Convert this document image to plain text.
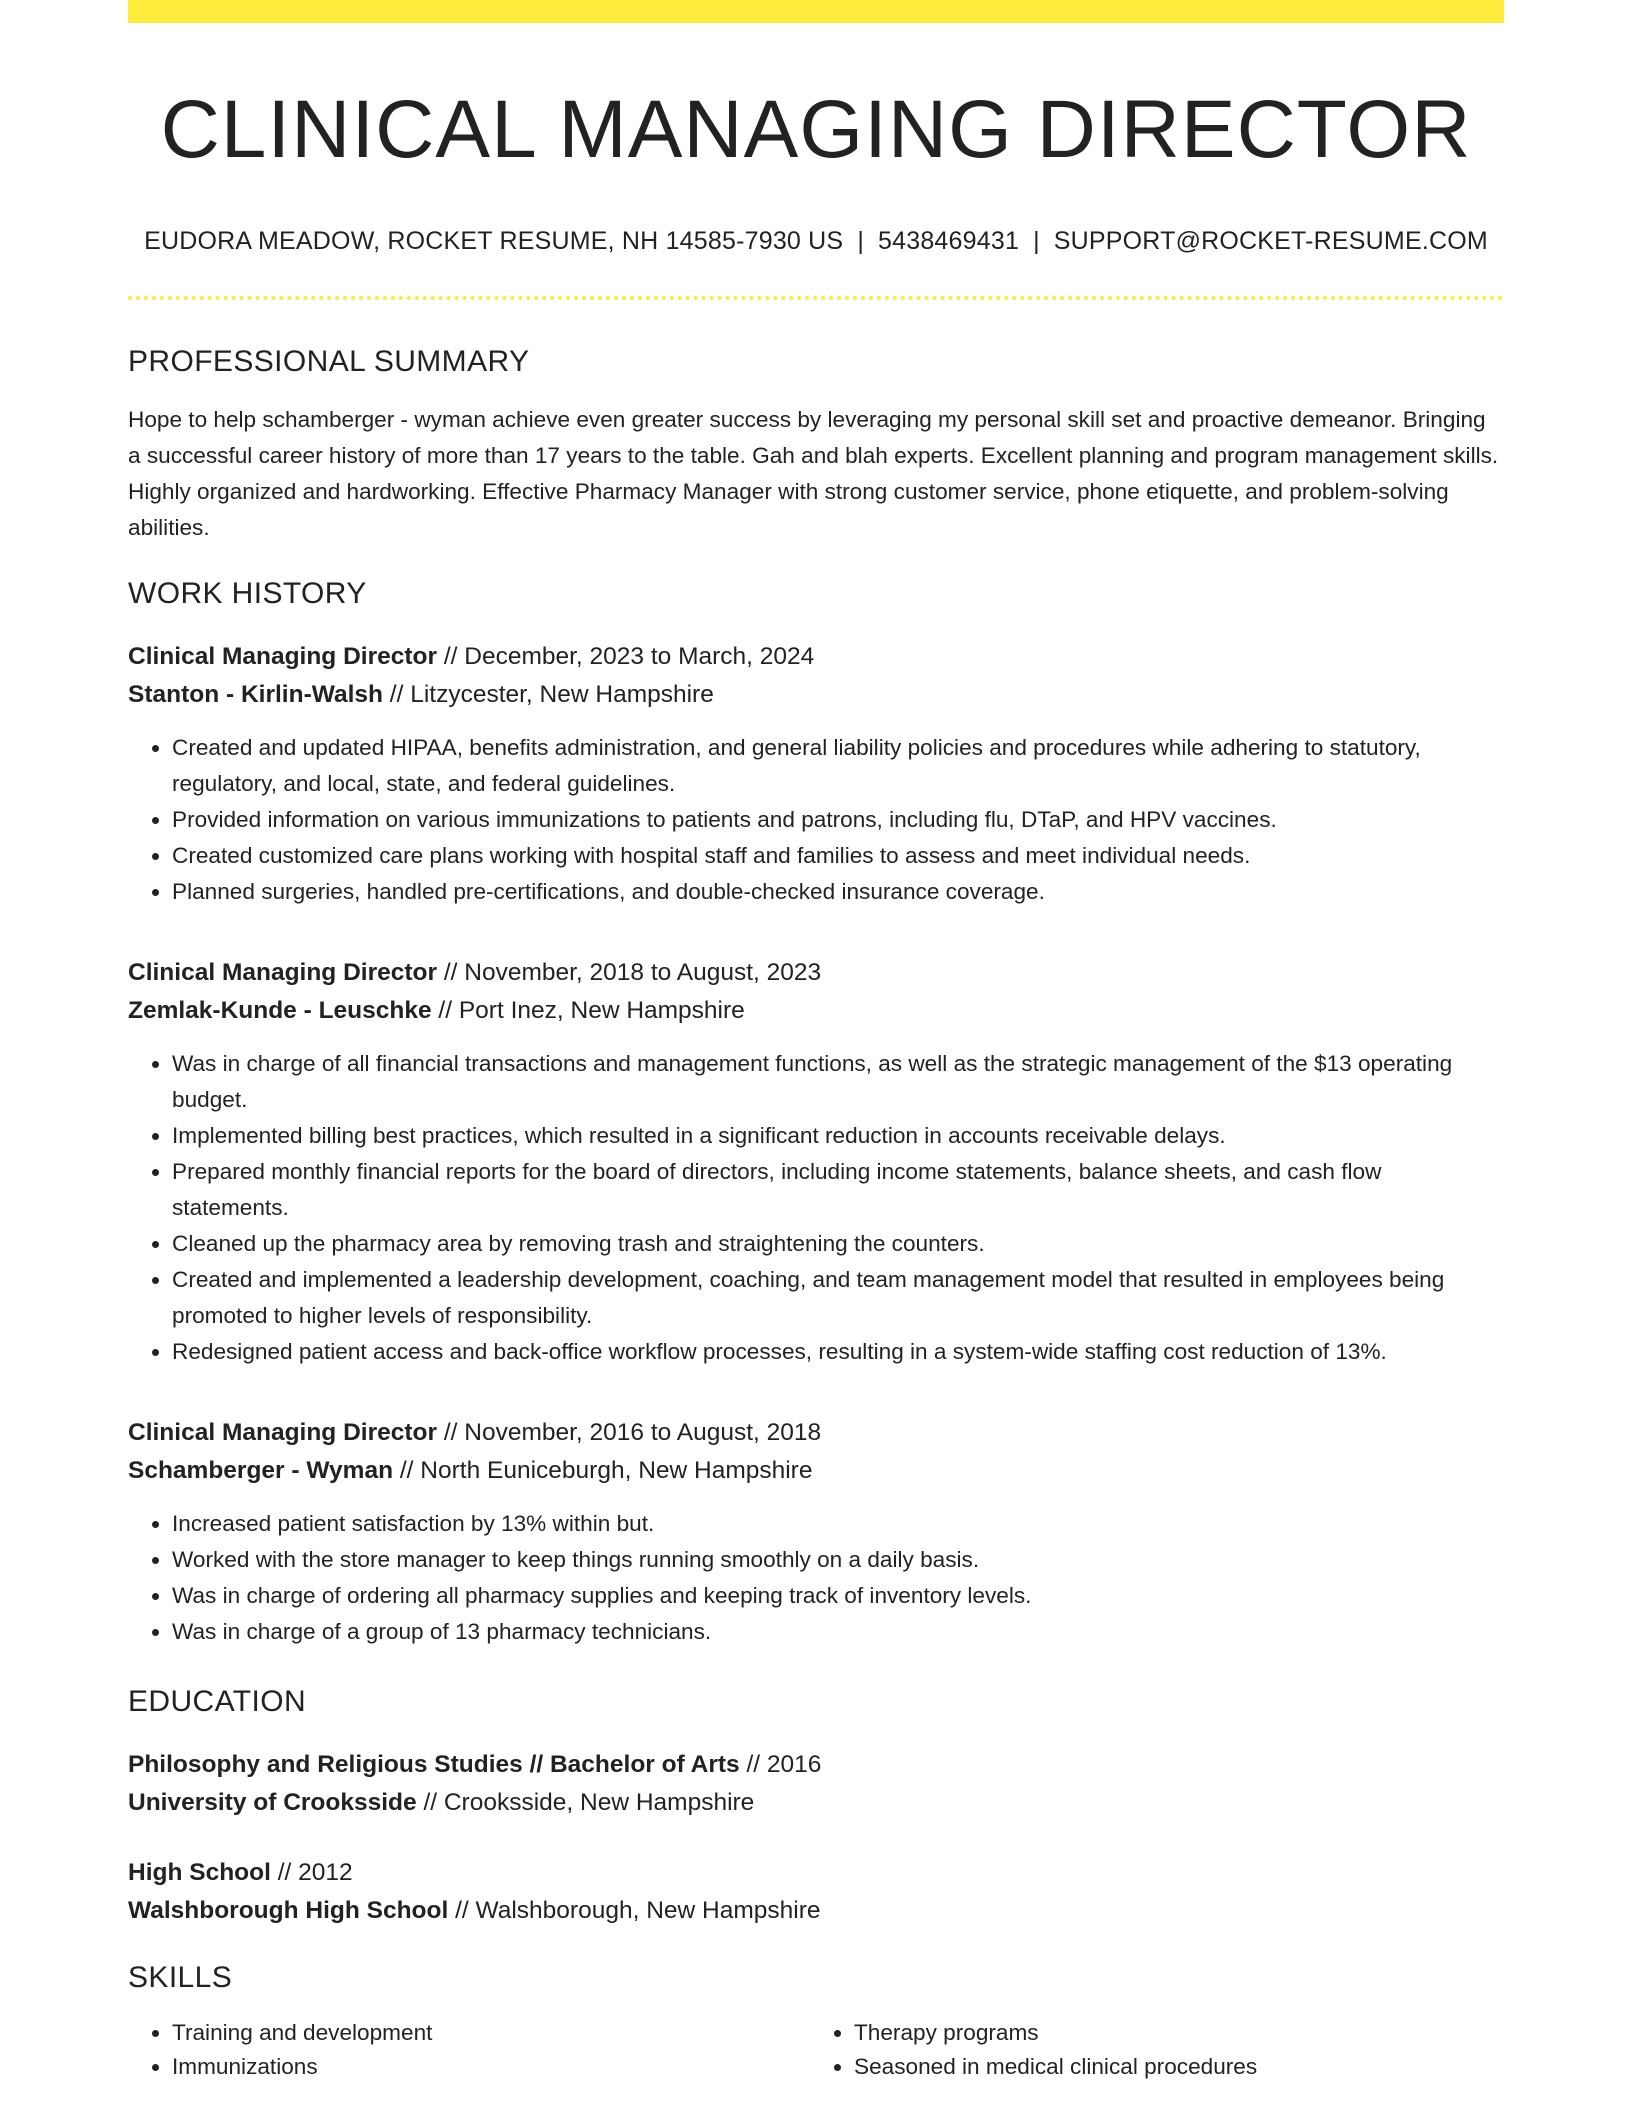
CLINICAL MANAGING DIRECTOR
EUDORA MEADOW, ROCKET RESUME, NH 14585-7930 US | 5438469431 | SUPPORT@ROCKET-RESUME.COM
PROFESSIONAL SUMMARY
Hope to help schamberger - wyman achieve even greater success by leveraging my personal skill set and proactive demeanor. Bringing a successful career history of more than 17 years to the table. Gah and blah experts. Excellent planning and program management skills. Highly organized and hardworking. Effective Pharmacy Manager with strong customer service, phone etiquette, and problem-solving abilities.
WORK HISTORY
Clinical Managing Director // December, 2023 to March, 2024
Stanton - Kirlin-Walsh // Litzycester, New Hampshire
• Created and updated HIPAA, benefits administration, and general liability policies and procedures while adhering to statutory, regulatory, and local, state, and federal guidelines.
• Provided information on various immunizations to patients and patrons, including flu, DTaP, and HPV vaccines.
• Created customized care plans working with hospital staff and families to assess and meet individual needs.
• Planned surgeries, handled pre-certifications, and double-checked insurance coverage.
Clinical Managing Director // November, 2018 to August, 2023
Zemlak-Kunde - Leuschke // Port Inez, New Hampshire
• Was in charge of all financial transactions and management functions, as well as the strategic management of the $13 operating budget.
• Implemented billing best practices, which resulted in a significant reduction in accounts receivable delays.
• Prepared monthly financial reports for the board of directors, including income statements, balance sheets, and cash flow statements.
• Cleaned up the pharmacy area by removing trash and straightening the counters.
• Created and implemented a leadership development, coaching, and team management model that resulted in employees being promoted to higher levels of responsibility.
• Redesigned patient access and back-office workflow processes, resulting in a system-wide staffing cost reduction of 13%.
Clinical Managing Director // November, 2016 to August, 2018
Schamberger - Wyman // North Euniceburgh, New Hampshire
• Increased patient satisfaction by 13% within but.
• Worked with the store manager to keep things running smoothly on a daily basis.
• Was in charge of ordering all pharmacy supplies and keeping track of inventory levels.
• Was in charge of a group of 13 pharmacy technicians.
EDUCATION
Philosophy and Religious Studies // Bachelor of Arts // 2016
University of Crooksside // Crooksside, New Hampshire
High School // 2012
Walshborough High School // Walshborough, New Hampshire
SKILLS
• Training and development
• Immunizations
• Therapy programs
• Seasoned in medical clinical procedures
